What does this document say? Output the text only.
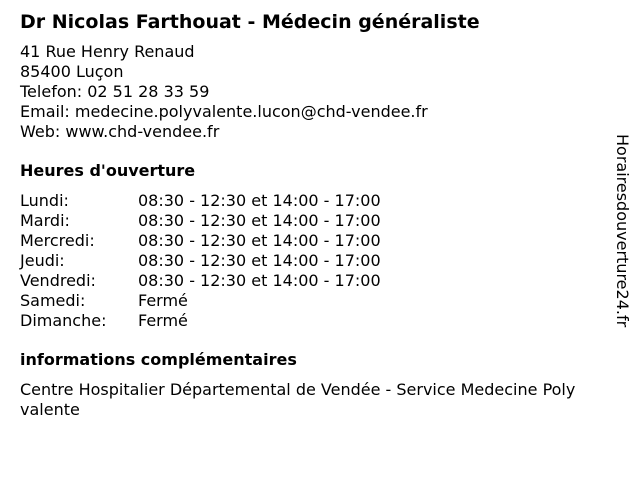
Dr Nicolas Farthouat - Médecin généraliste
41 Rue Henry Renaud
85400 Luçon
Telefon: 02 51 28 33 59
Email: medecine.polyvalente.lucon@chd-vendee.fr
Web: www.chd-vendee.fr
Heures d'ouverture
Lundi:	08:30 - 12:30 et 14:00 - 17:00
Mardi:	08:30 - 12:30 et 14:00 - 17:00
Mercredi:	08:30 - 12:30 et 14:00 - 17:00
Jeudi:	08:30 - 12:30 et 14:00 - 17:00
Vendredi:	08:30 - 12:30 et 14:00 - 17:00
Samedi:	Fermé
Dimanche:	Fermé
informations complémentaires
Centre Hospitalier Départemental de Vendée - Service Medecine Poly valente
Horairesdouverture24.fr
